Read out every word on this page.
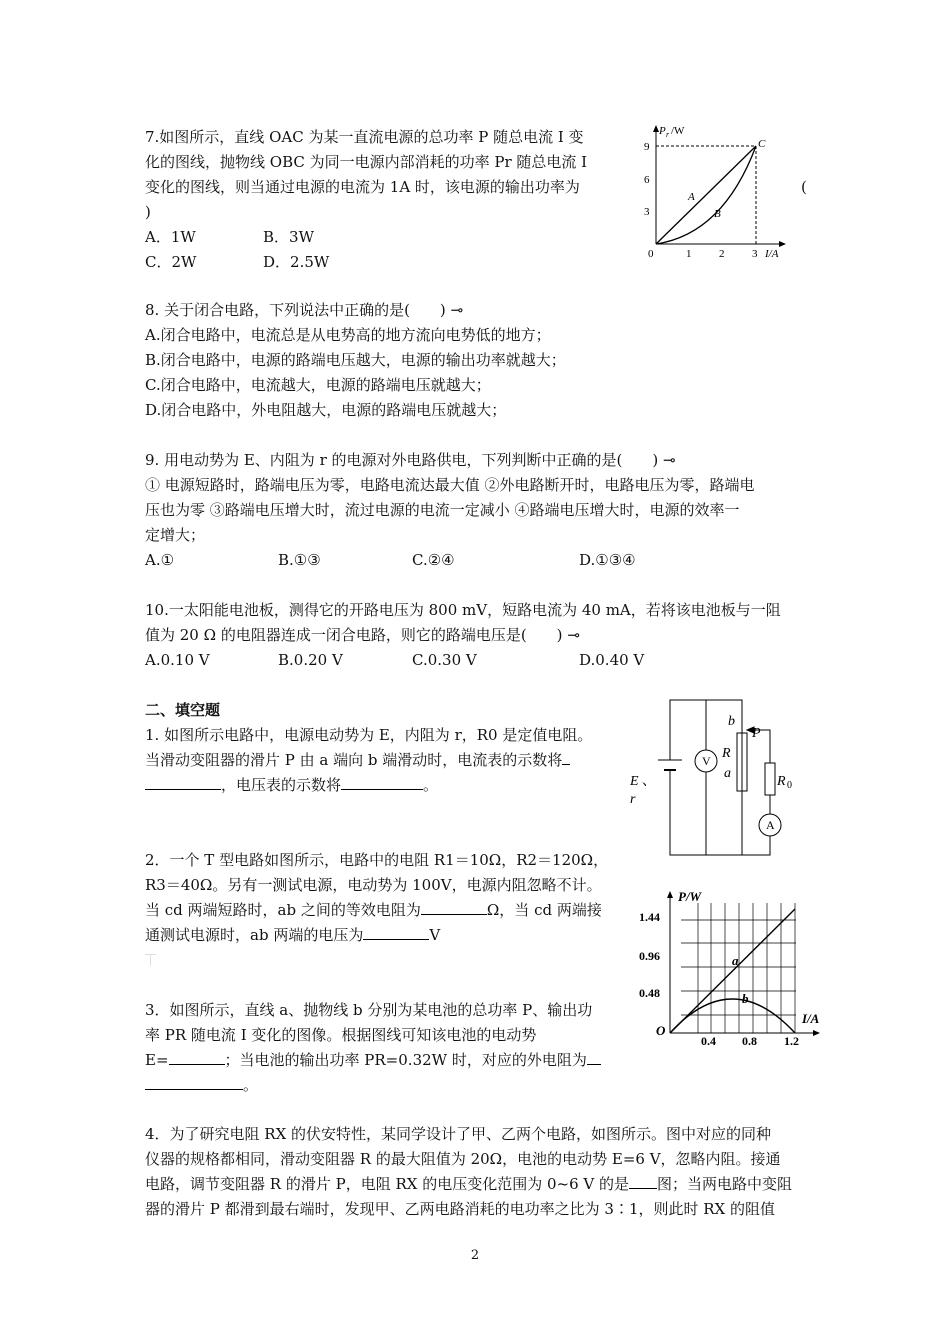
7.如图所示，直线 OAC 为某一直流电源的总功率 P 随总电流 I 变
化的图线，抛物线 OBC 为同一电源内部消耗的功率 Pr 随总电流 I
变化的图线，则当通过电源的电流为 1A 时，该电源的输出功率为
)
A．1W	B．3W
C．2W	D．2.5W
(
P r /W
9
6
3
0	1	2	3 I/A
C
A
B
8. 关于闭合电路，下列说法中正确的是(　　) ⊸
A.闭合电路中，电流总是从电势高的地方流向电势低的地方；
B.闭合电路中，电源的路端电压越大，电源的输出功率就越大；
C.闭合电路中，电流越大，电源的路端电压就越大；
D.闭合电路中，外电阻越大，电源的路端电压就越大；
9. 用电动势为 E、内阻为 r 的电源对外电路供电，下列判断中正确的是(　　) ⊸
① 电源短路时，路端电压为零，电路电流达最大值 ②外电路断开时，电路电压为零，路端电
压也为零 ③路端电压增大时，流过电源的电流一定减小 ④路端电压增大时，电源的效率一
定增大；
A.①	B.①③	C.②④	D.①③④
10.一太阳能电池板，测得它的开路电压为 800 mV，短路电流为 40 mA，若将该电池板与一阻
值为 20 Ω 的电阻器连成一闭合电路，则它的路端电压是(　　) ⊸
A.0.10 V	B.0.20 V	C.0.30 V	D.0.40 V
二、填空题
1. 如图所示电路中，电源电动势为 E，内阻为 r，R0 是定值电阻。
当滑动变阻器的滑片 P 由 a 端向 b 端滑动时，电流表的示数将
，电压表的示数将	。
V
A
b
P
R
a
R 0
E 、
r
2．一个 T 型电路如图所示，电路中的电阻 R1＝10Ω，R2＝120Ω，
R3＝40Ω。另有一测试电源，电动势为 100V，电源内阻忽略不计。
当 cd 两端短路时，ab 之间的等效电阻为	Ω，当 cd 两端接
通测试电源时，ab 两端的电压为	V
⏉
3．如图所示，直线 a、抛物线 b 分别为某电池的总功率 P、输出功
率 PR 随电流 I 变化的图像。根据图线可知该电池的电动势
E=	；当电池的输出功率 PR=0.32W 时，对应的外电阻为
。
P/W
I/A
1.44
0.96
0.48
O
0.4 0.8 1.2
a
b
4．为了研究电阻 RX 的伏安特性，某同学设计了甲、乙两个电路，如图所示。图中对应的同种
仪器的规格都相同，滑动变阻器 R 的最大阻值为 20Ω，电池的电动势 E=6 V，忽略内阻。接通
电路，调节变阻器 R 的滑片 P，电阻 RX 的电压变化范围为 0~6 V 的是 图；当两电路中变阻
器的滑片 P 都滑到最右端时，发现甲、乙两电路消耗的电功率之比为 3∶1，则此时 RX 的阻值
2
